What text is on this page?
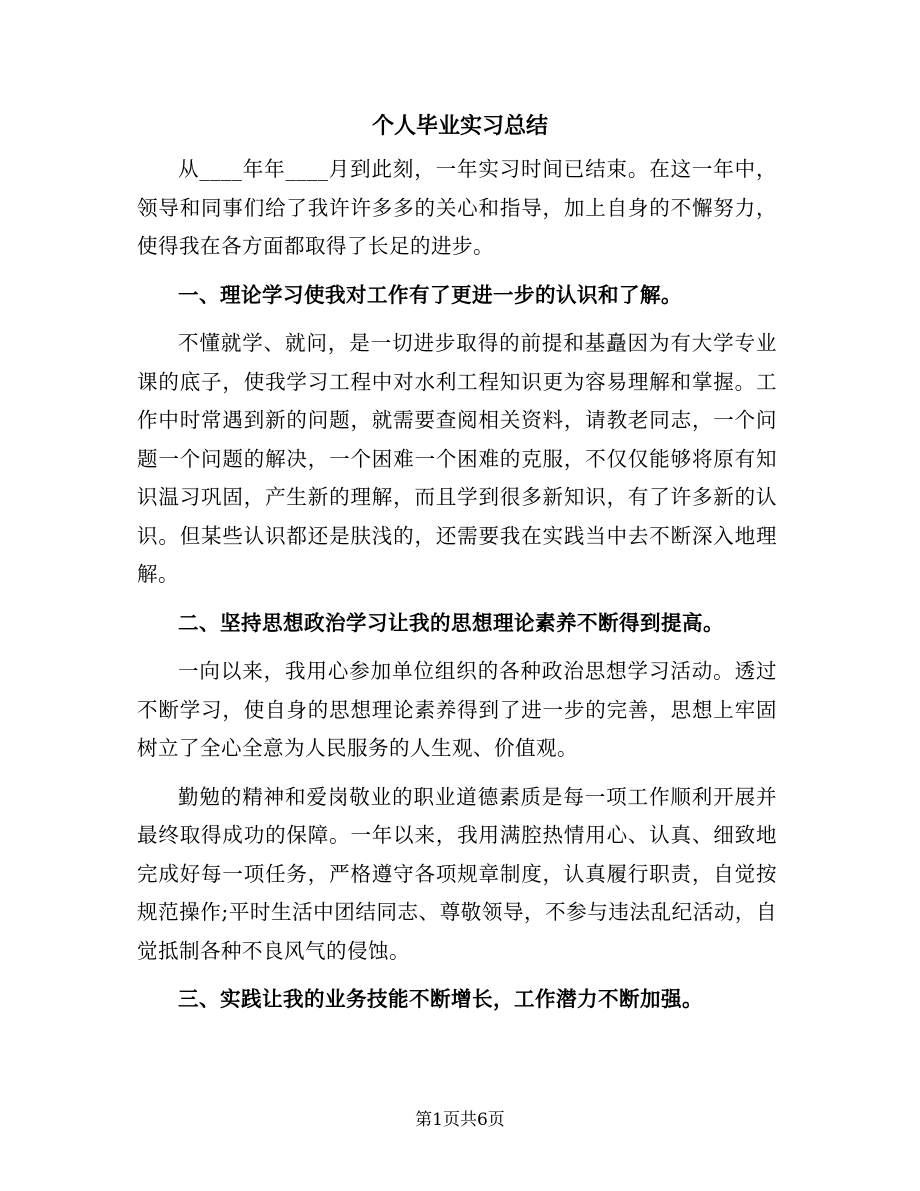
个人毕业实习总结

从____年年____月到此刻，一年实习时间已结束。在这一年中，领导和同事们给了我许许多多的关心和指导，加上自身的不懈努力，使得我在各方面都取得了长足的进步。

一、理论学习使我对工作有了更进一步的认识和了解。

不懂就学、就问，是一切进步取得的前提和基矗因为有大学专业课的底子，使我学习工程中对水利工程知识更为容易理解和掌握。工作中时常遇到新的问题，就需要查阅相关资料，请教老同志，一个问题一个问题的解决，一个困难一个困难的克服，不仅仅能够将原有知识温习巩固，产生新的理解，而且学到很多新知识，有了许多新的认识。但某些认识都还是肤浅的，还需要我在实践当中去不断深入地理解。

二、坚持思想政治学习让我的思想理论素养不断得到提高。

一向以来，我用心参加单位组织的各种政治思想学习活动。透过不断学习，使自身的思想理论素养得到了进一步的完善，思想上牢固树立了全心全意为人民服务的人生观、价值观。

勤勉的精神和爱岗敬业的职业道德素质是每一项工作顺利开展并最终取得成功的保障。一年以来，我用满腔热情用心、认真、细致地完成好每一项任务，严格遵守各项规章制度，认真履行职责，自觉按规范操作;平时生活中团结同志、尊敬领导，不参与违法乱纪活动，自觉抵制各种不良风气的侵蚀。

三、实践让我的业务技能不断增长，工作潜力不断加强。

第1页共6页
